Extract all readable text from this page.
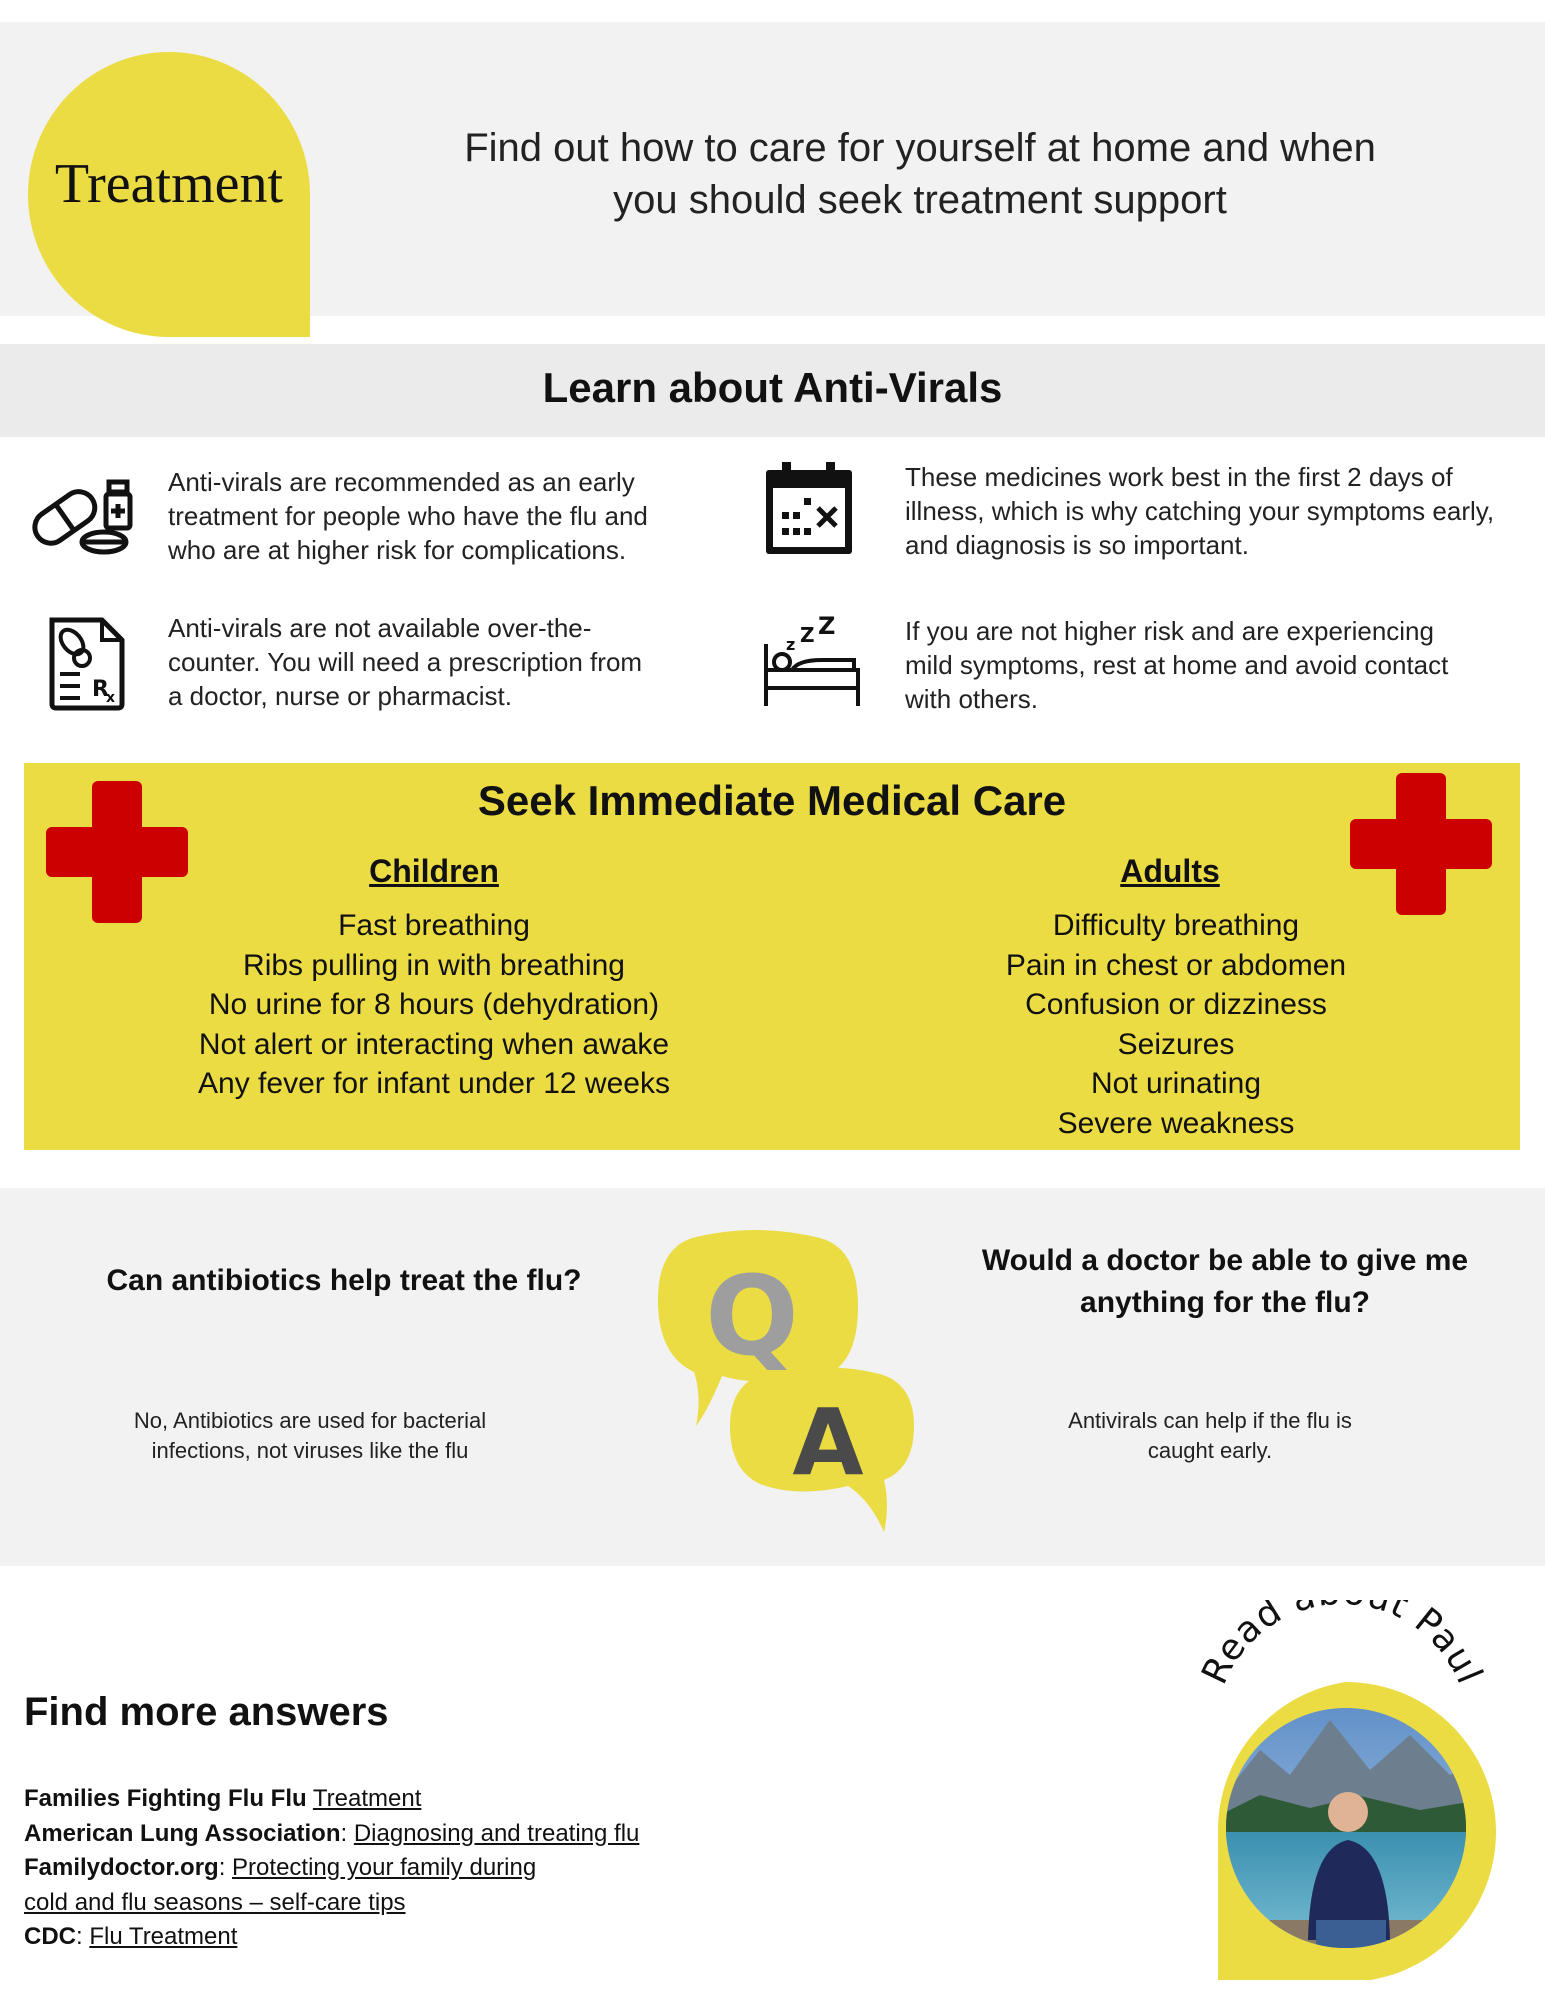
Treatment
Find out how to care for yourself at home and when
you should seek treatment support
Learn about Anti-Virals
Anti-virals are recommended as an early
treatment for people who have the flu and
who are at higher risk for complications.
These medicines work best in the first 2 days of
illness, which is why catching your symptoms early,
and diagnosis is so important.
R
x
Anti-virals are not available over-the-
counter. You will need a prescription from
a doctor, nurse or pharmacist.
z Z Z	If you are not higher risk and are experiencing
mild symptoms, rest at home and avoid contact
with others.
Seek Immediate Medical Care
Children
Fast breathing
Ribs pulling in with breathing
No urine for 8 hours (dehydration)
Not alert or interacting when awake
Any fever for infant under 12 weeks
Adults
Difficulty breathing
Pain in chest or abdomen
Confusion or dizziness
Seizures
Not urinating
Severe weakness
Can antibiotics help treat the flu?
No, Antibiotics are used for bacterial
infections, not viruses like the flu
Q
A
Would a doctor be able to give me
anything for the flu?
Antivirals can help if the flu is
caught early.
Find more answers
Families Fighting Flu Flu Treatment
American Lung Association: Diagnosing and treating flu
Familydoctor.org: Protecting your family during
cold and flu seasons – self-care tips
CDC: Flu Treatment
Read t Paul
